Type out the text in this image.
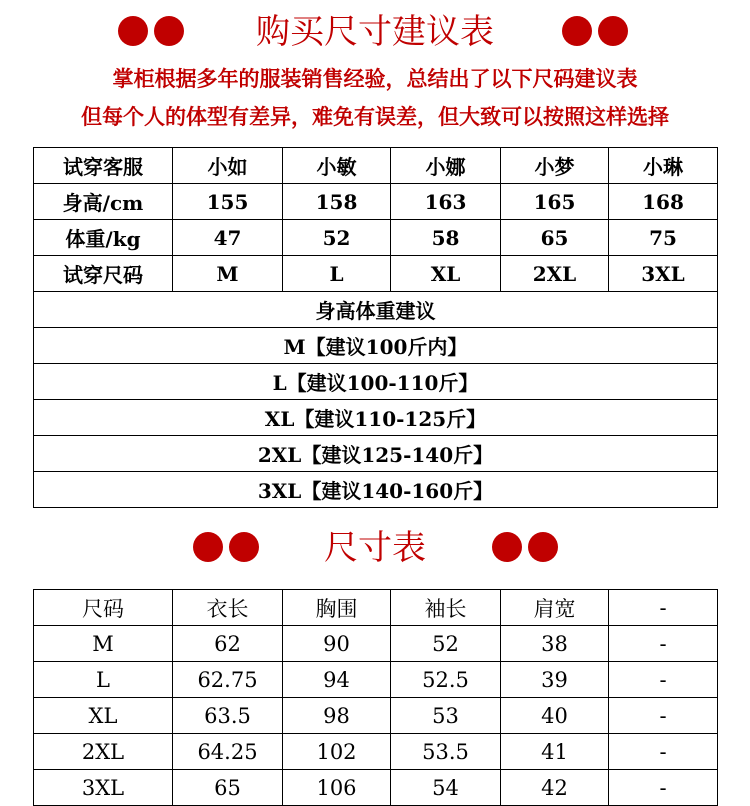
购买尺寸建议表
掌柜根据多年的服装销售经验，总结出了以下尺码建议表
但每个人的体型有差异，难免有误差，但大致可以按照这样选择
试穿客服	小如	小敏	小娜	小梦	小琳
身高/cm	155	158	163	165	168
体重/kg	47	52	58	65	75
试穿尺码	M	L	XL	2XL	3XL
身高体重建议					
M【建议100斤内】					
L【建议100-110斤】					
XL【建议110-125斤】					
2XL【建议125-140斤】					
3XL【建议140-160斤】					
尺寸表
尺码	衣长	胸围	袖长	肩宽	-
M	62	90	52	38	-
L	62.75	94	52.5	39	-
XL	63.5	98	53	40	-
2XL	64.25	102	53.5	41	-
3XL	65	106	54	42	-
